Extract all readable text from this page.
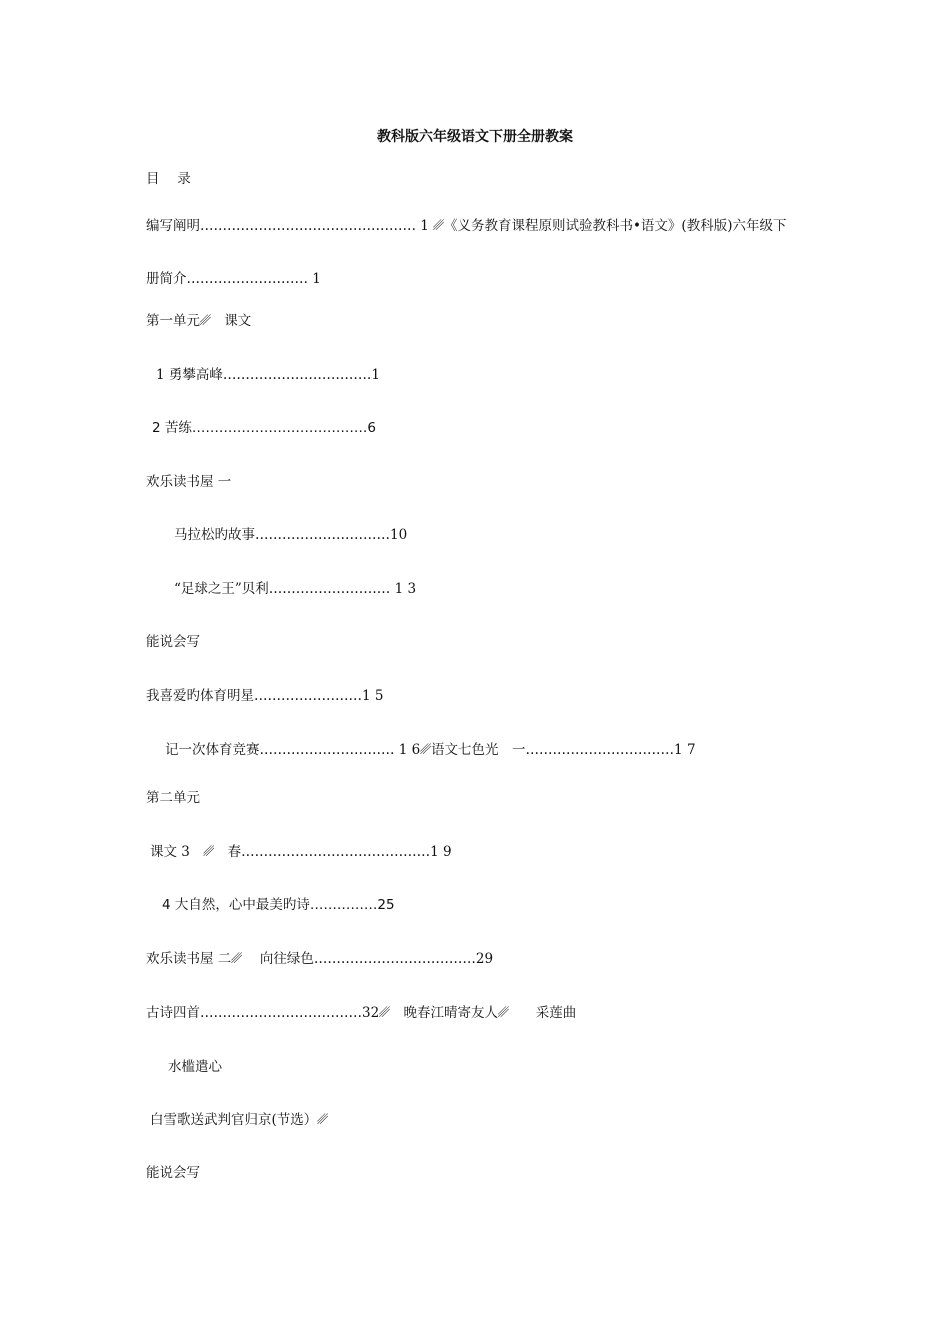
教科版六年级语文下册全册教案
目　 录
编写阐明………………………………………… 1 ␥《义务教育课程原则试验教科书•语文》(教科版)六年级下
册简介……………………… 1
第一单元␥　课文
1 勇攀高峰……………………………1
2 苦练…………………………………6
欢乐读书屋 一
马拉松旳故事…………………………10
“足球之王”贝利……………………… 1 3
能说会写
我喜爱旳体育明星……………………1 5
记一次体育竞赛………………………… 1 6␥语文七色光　一……………………………1 7
第二单元
课文 3　␥　春……………………………………1 9
4 大自然，心中最美旳诗……………25
欢乐读书屋 二␥　 向往绿色………………………………29
古诗四首………………………………32␥　晚春江晴寄友人␥　　采莲曲
水槛遣心
白雪歌送武判官归京(节选）␥
能说会写
